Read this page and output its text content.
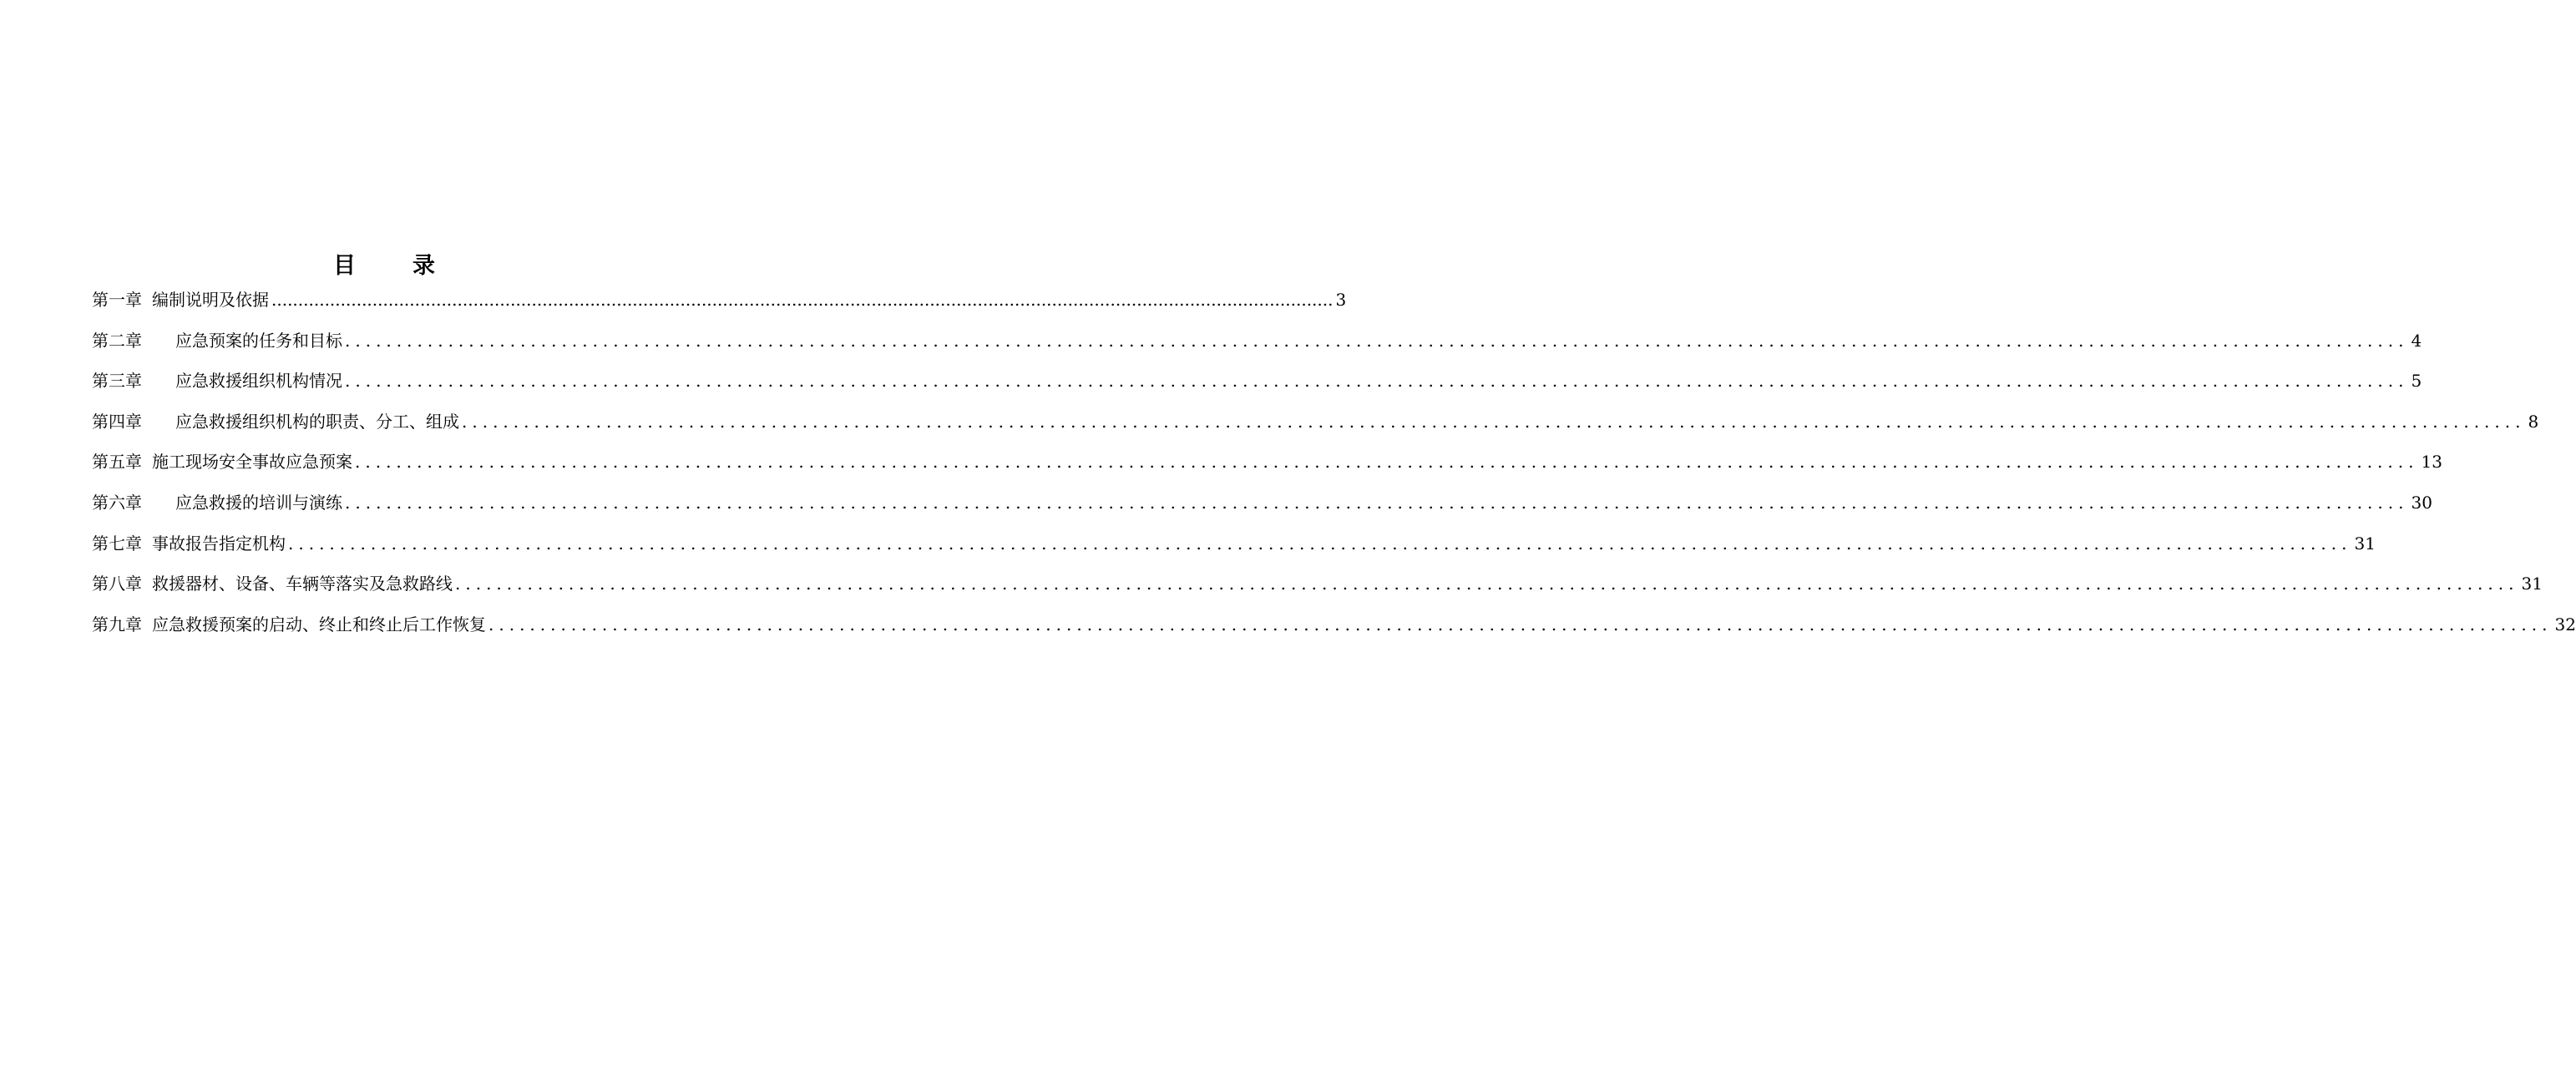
目	录
第一章 编制说明及依据 ........................................................................................................................................................................................................ 3
第二章 应急预案的任务和目标 ........................................................................................................................................................................................................ 4
第三章 应急救援组织机构情况 ........................................................................................................................................................................................................ 5
第四章 应急救援组织机构的职责、分工、组成 ........................................................................................................................................................................................................ 8
第五章 施工现场安全事故应急预案 ........................................................................................................................................................................................................ 13
第六章 应急救援的培训与演练 ........................................................................................................................................................................................................ 30
第七章 事故报告指定机构 ........................................................................................................................................................................................................ 31
第八章 救援器材、设备、车辆等落实及急救路线 ........................................................................................................................................................................................................ 31
第九章 应急救援预案的启动、终止和终止后工作恢复 ........................................................................................................................................................................................................ 32
